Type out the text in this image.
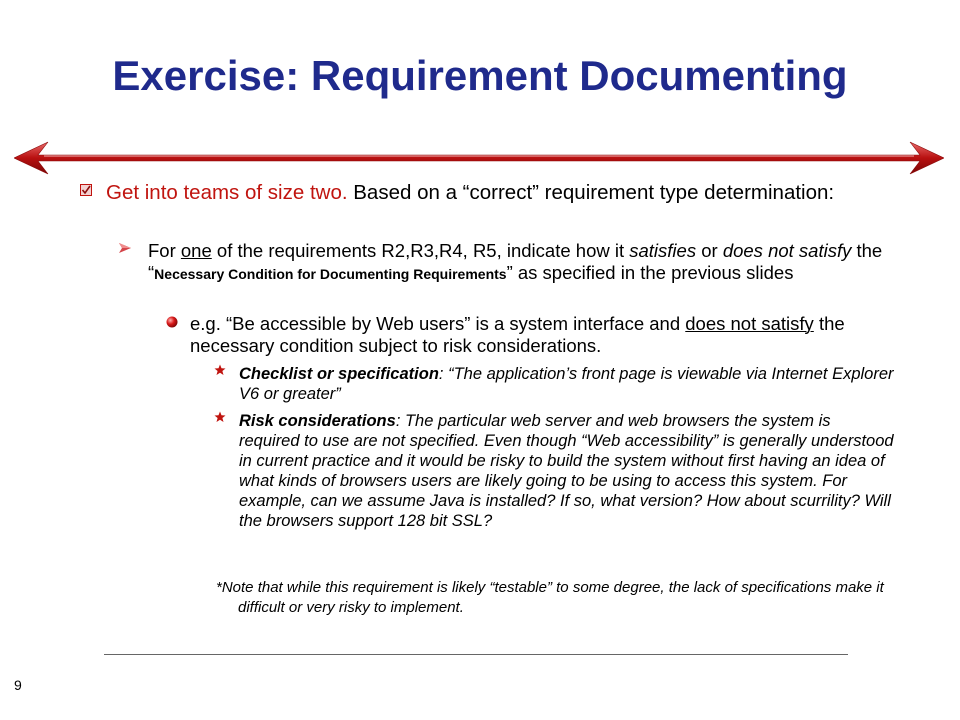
Exercise: Requirement Documenting
Get into teams of size two. Based on a “correct” requirement type determination:
For one of the requirements R2,R3,R4, R5, indicate how it satisfies or does not satisfy the “Necessary Condition for Documenting Requirements” as specified in the previous slides
e.g. “Be accessible by Web users” is a system interface and does not satisfy the necessary condition subject to risk considerations.
Checklist or specification: “The application’s front page is viewable via Internet Explorer V6 or greater”
Risk considerations: The particular web server and web browsers the system is required to use are not specified. Even though “Web accessibility” is generally understood in current practice and it would be risky to build the system without first having an idea of what kinds of browsers users are likely going to be using to access this system. For example, can we assume Java is installed? If so, what version? How about scurrility? Will the browsers support 128 bit SSL?
*Note that while this requirement is likely “testable” to some degree, the lack of specifications make it difficult or very risky to implement.
9
